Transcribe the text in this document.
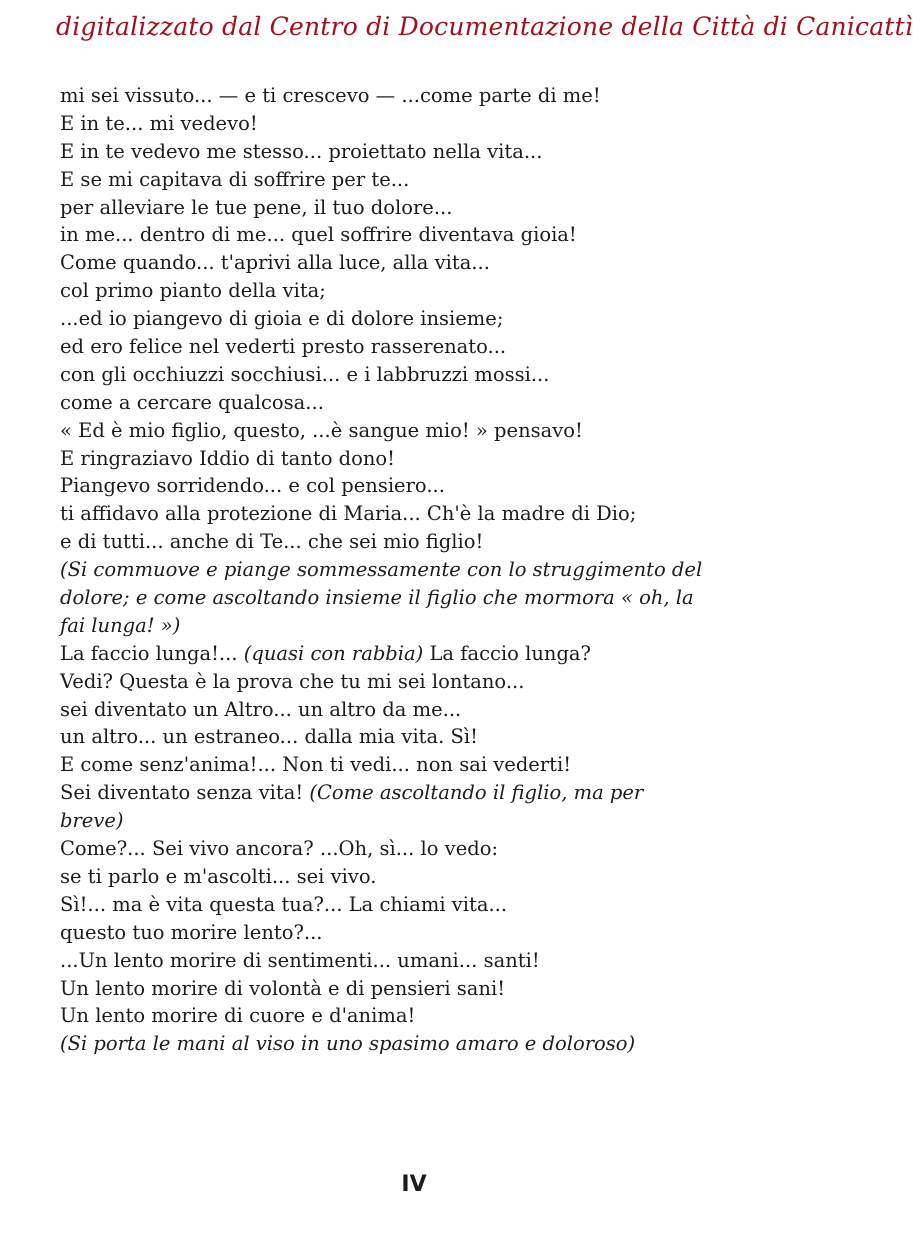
digitalizzato dal Centro di Documentazione della Città di Canicattì
mi sei vissuto... — e ti crescevo — ...come parte di me!
E in te... mi vedevo!
E in te vedevo me stesso... proiettato nella vita...
E se mi capitava di soffrire per te...
per alleviare le tue pene, il tuo dolore...
in me... dentro di me... quel soffrire diventava gioia!
Come quando... t'aprivi alla luce, alla vita...
col primo pianto della vita;
...ed io piangevo di gioia e di dolore insieme;
ed ero felice nel vederti presto rasserenato...
con gli occhiuzzi socchiusi... e i labbruzzi mossi...
come a cercare qualcosa...
« Ed è mio figlio, questo, ...è sangue mio! » pensavo!
E ringraziavo Iddio di tanto dono!
Piangevo sorridendo... e col pensiero...
ti affidavo alla protezione di Maria... Ch'è la madre di Dio;
e di tutti... anche di Te... che sei mio figlio!
(Si commuove e piange sommessamente con lo struggimento del
dolore; e come ascoltando insieme il figlio che mormora « oh, la
fai lunga! »)
La faccio lunga!... (quasi con rabbia) La faccio lunga?
Vedi? Questa è la prova che tu mi sei lontano...
sei diventato un Altro... un altro da me...
un altro... un estraneo... dalla mia vita. Sì!
E come senz'anima!... Non ti vedi... non sai vederti!
Sei diventato senza vita! (Come ascoltando il figlio, ma per
breve)
Come?... Sei vivo ancora? ...Oh, sì... lo vedo:
se ti parlo e m'ascolti... sei vivo.
Sì!... ma è vita questa tua?... La chiami vita...
questo tuo morire lento?...
...Un lento morire di sentimenti... umani... santi!
Un lento morire di volontà e di pensieri sani!
Un lento morire di cuore e d'anima!
(Si porta le mani al viso in uno spasimo amaro e doloroso)
IV
